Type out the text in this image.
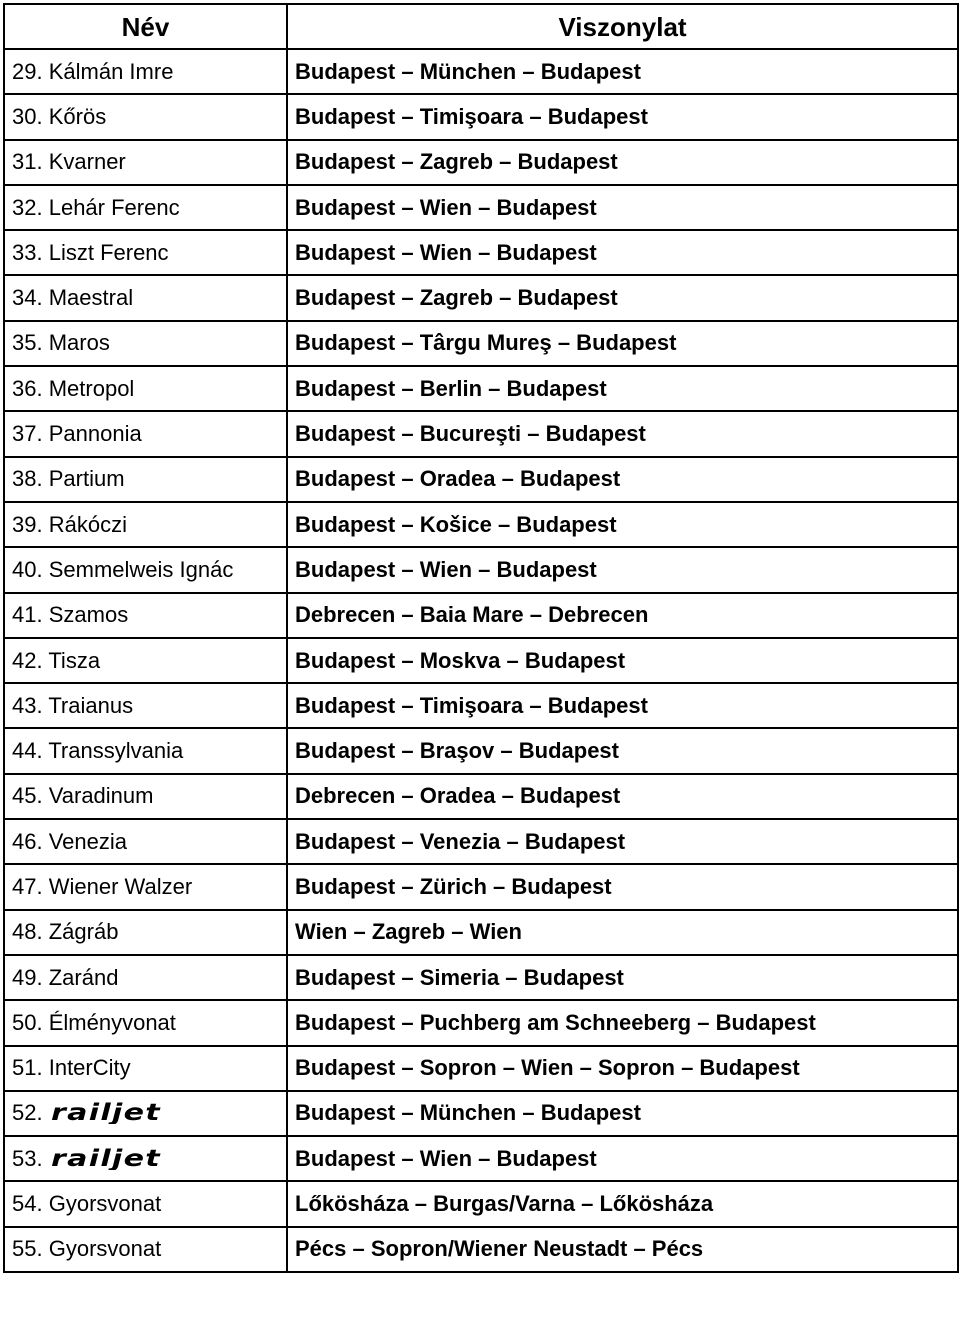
Név	Viszonylat
29. Kálmán Imre	Budapest – München – Budapest
30. Kőrös	Budapest – Timişoara – Budapest
31. Kvarner	Budapest – Zagreb – Budapest
32. Lehár Ferenc	Budapest – Wien – Budapest
33. Liszt Ferenc	Budapest – Wien – Budapest
34. Maestral	Budapest – Zagreb – Budapest
35. Maros	Budapest – Târgu Mureş – Budapest
36. Metropol	Budapest – Berlin – Budapest
37. Pannonia	Budapest – Bucureşti – Budapest
38. Partium	Budapest – Oradea – Budapest
39. Rákóczi	Budapest – Košice – Budapest
40. Semmelweis Ignác	Budapest – Wien – Budapest
41. Szamos	Debrecen – Baia Mare – Debrecen
42. Tisza	Budapest – Moskva – Budapest
43. Traianus	Budapest – Timişoara – Budapest
44. Transsylvania	Budapest – Braşov – Budapest
45. Varadinum	Debrecen – Oradea – Budapest
46. Venezia	Budapest – Venezia – Budapest
47. Wiener Walzer	Budapest – Zürich – Budapest
48. Zágráb	Wien – Zagreb – Wien
49. Zaránd	Budapest – Simeria – Budapest
50. Élményvonat	Budapest – Puchberg am Schneeberg – Budapest
51. InterCity	Budapest – Sopron – Wien – Sopron – Budapest
52. railjet	Budapest – München – Budapest
53. railjet	Budapest – Wien – Budapest
54. Gyorsvonat	Lőkösháza – Burgas/Varna – Lőkösháza
55. Gyorsvonat	Pécs – Sopron/Wiener Neustadt – Pécs
